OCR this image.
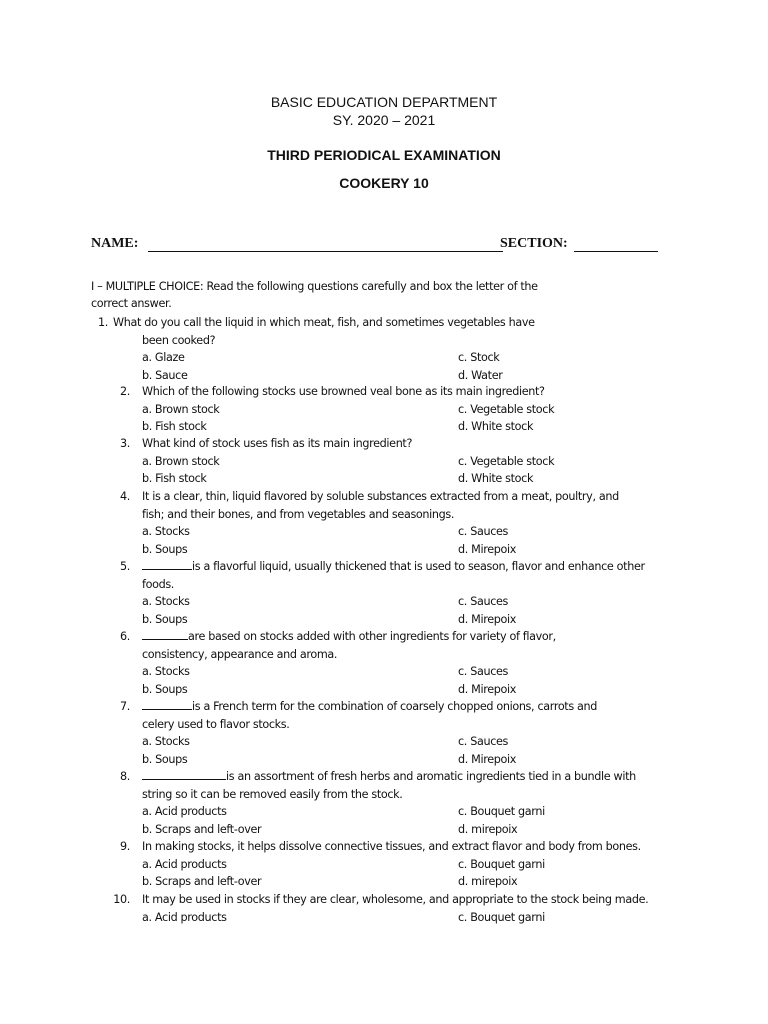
BASIC EDUCATION DEPARTMENT
SY. 2020 – 2021
THIRD PERIODICAL EXAMINATION
COOKERY 10
NAME:	SECTION:
I – MULTIPLE CHOICE: Read the following questions carefully and box the letter of the
correct answer.
1. What do you call the liquid in which meat, fish, and sometimes vegetables have
been cooked?
a. Glaze
b. Sauce
c. Stock
d. Water
2. Which of the following stocks use browned veal bone as its main ingredient?
a. Brown stock
b. Fish stock
c. Vegetable stock
d. White stock
3. What kind of stock uses fish as its main ingredient?
a. Brown stock
b. Fish stock
c. Vegetable stock
d. White stock
4. It is a clear, thin, liquid flavored by soluble substances extracted from a meat, poultry, and
fish; and their bones, and from vegetables and seasonings.
a. Stocks
b. Soups
c. Sauces
d. Mirepoix
5.	is a flavorful liquid, usually thickened that is used to season, flavor and enhance other
foods.
a. Stocks
b. Soups
c. Sauces
d. Mirepoix
6.	are based on stocks added with other ingredients for variety of flavor,
consistency, appearance and aroma.
a. Stocks
b. Soups
c. Sauces
d. Mirepoix
7.	is a French term for the combination of coarsely chopped onions, carrots and
celery used to flavor stocks.
a. Stocks
b. Soups
c. Sauces
d. Mirepoix
8.	is an assortment of fresh herbs and aromatic ingredients tied in a bundle with
string so it can be removed easily from the stock.
a. Acid products
b. Scraps and left-over
c. Bouquet garni
d. mirepoix
9. In making stocks, it helps dissolve connective tissues, and extract flavor and body from bones.
a. Acid products
b. Scraps and left-over
c. Bouquet garni
d. mirepoix
10. It may be used in stocks if they are clear, wholesome, and appropriate to the stock being made.
a. Acid products	c. Bouquet garni
